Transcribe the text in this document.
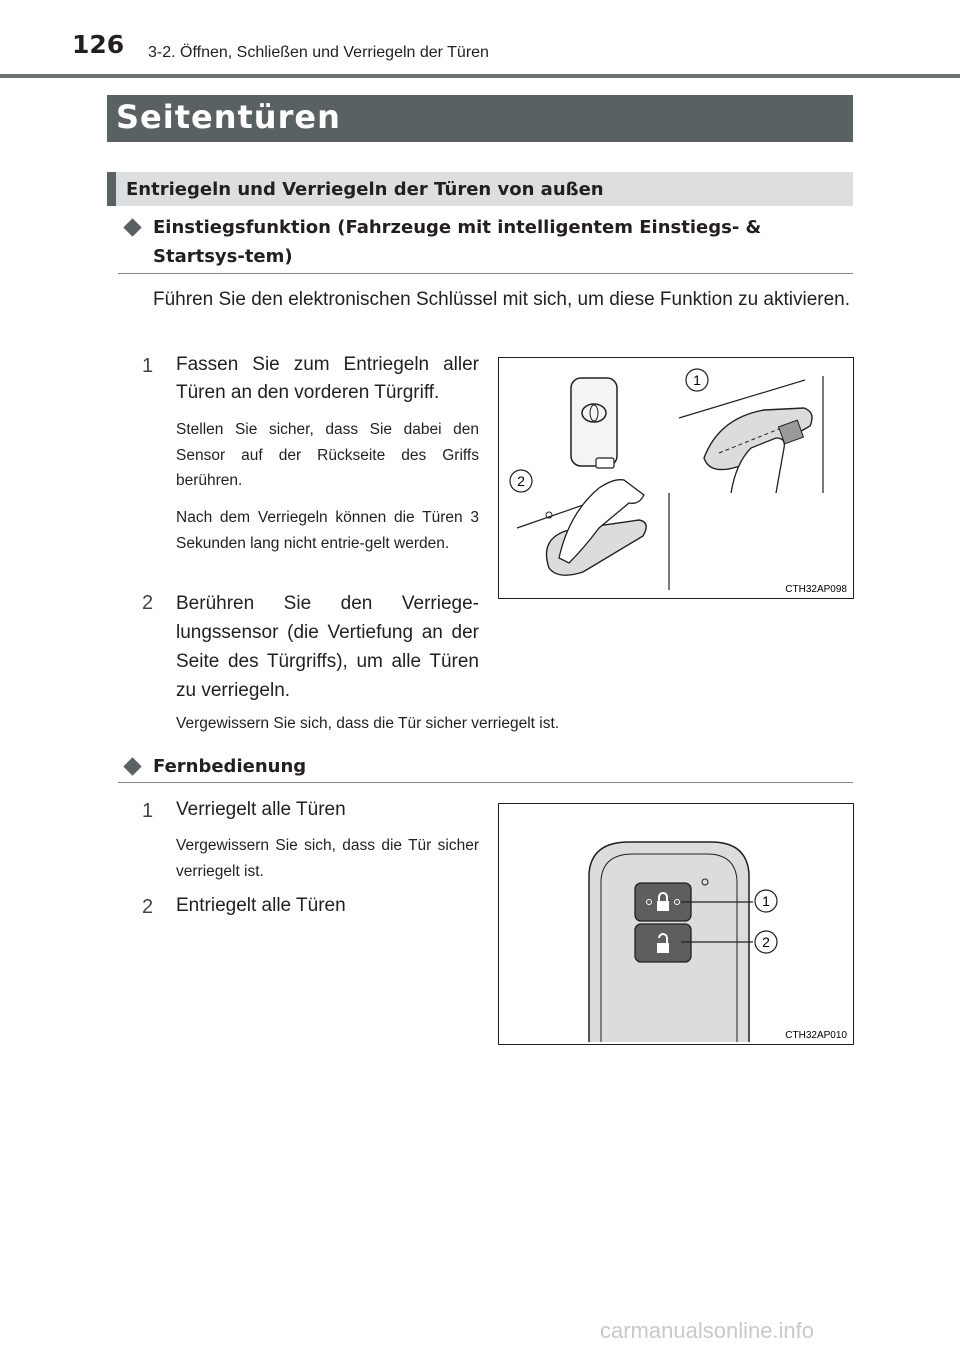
126 3-2. Öffnen, Schließen und Verriegeln der Türen
Seitentüren
Entriegeln und Verriegeln der Türen von außen
Einstiegsfunktion (Fahrzeuge mit intelligentem Einstiegs- & Startsys-tem)
Führen Sie den elektronischen Schlüssel mit sich, um diese Funktion zu aktivieren.
1 Fassen Sie zum Entriegeln aller Türen an den vorderen Türgriff.
Stellen Sie sicher, dass Sie dabei den Sensor auf der Rückseite des Griffs berühren.
Nach dem Verriegeln können die Türen 3 Sekunden lang nicht entrie-gelt werden.
2 Berühren Sie den Verriege-lungssensor (die Vertiefung an der Seite des Türgriffs), um alle Türen zu verriegeln.
Vergewissern Sie sich, dass die Tür sicher verriegelt ist.
1
2
CTH32AP098
Fernbedienung
1 Verriegelt alle Türen
Vergewissern Sie sich, dass die Tür sicher verriegelt ist.
2 Entriegelt alle Türen	1
2
CTH32AP010
carmanualsonline.info
